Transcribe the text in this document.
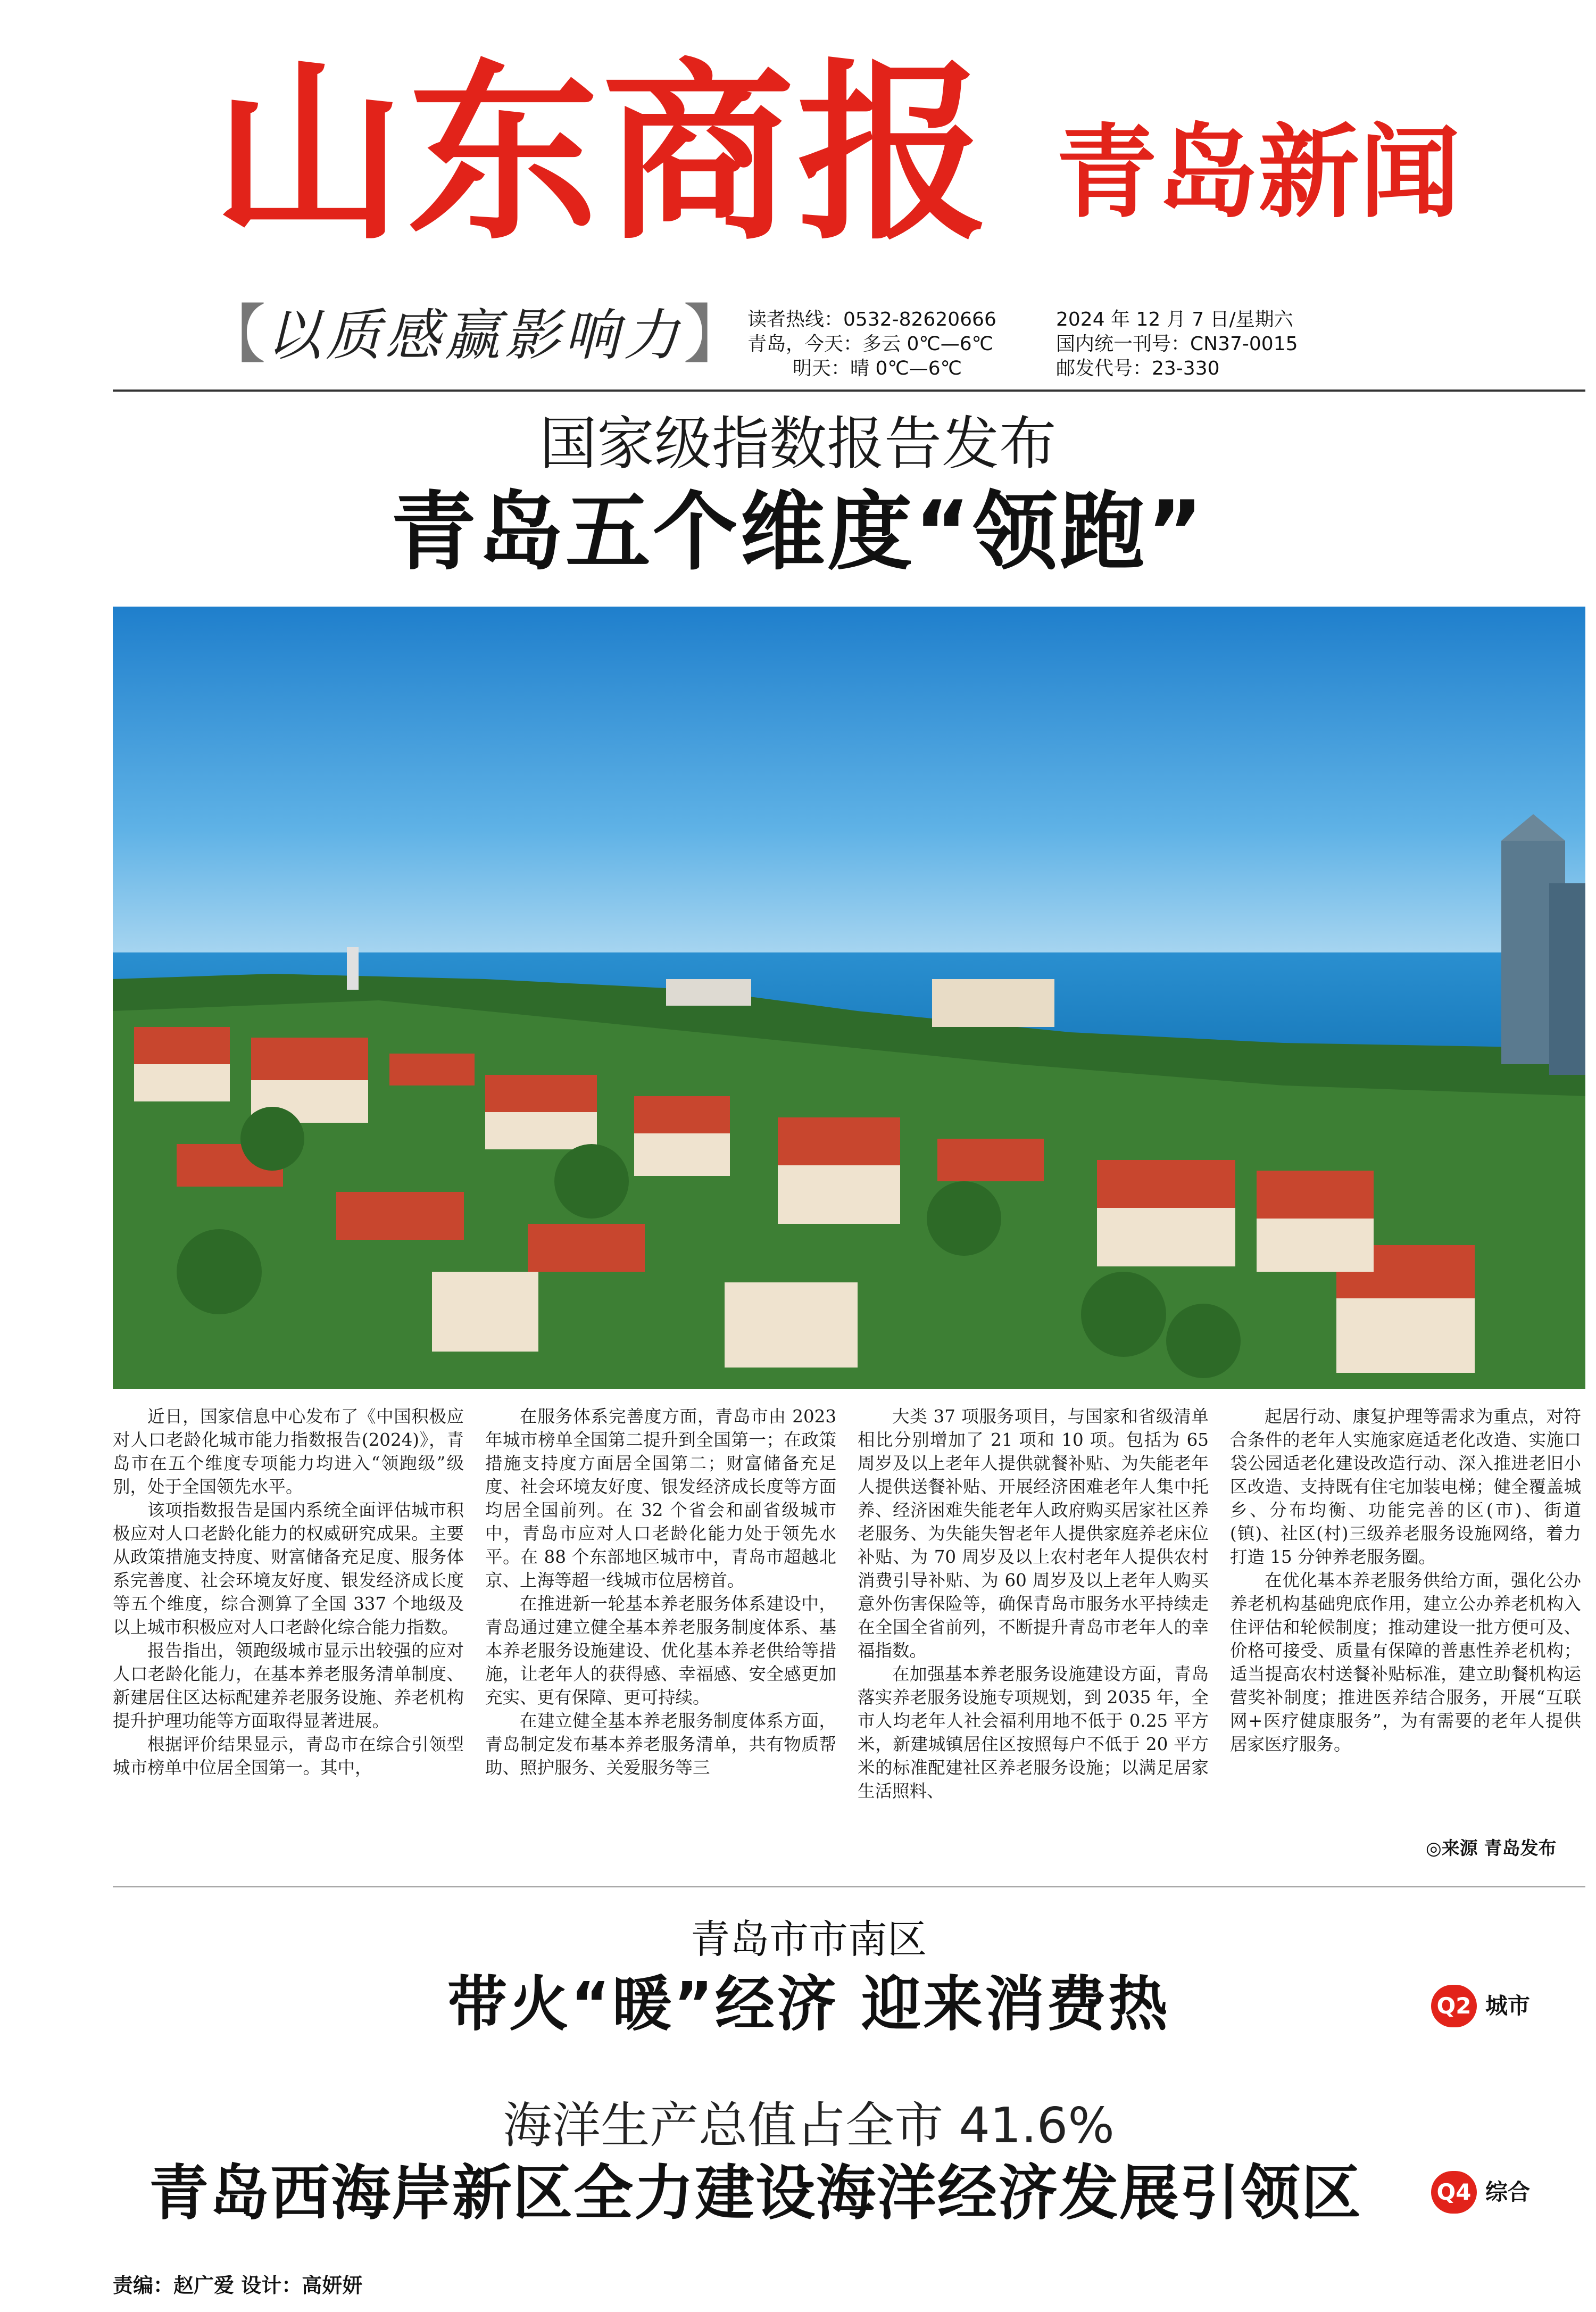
山东商报 青岛新闻
【 以质感赢影响力 】 读者热线：0532-82620666
青岛，今天：多云 0℃—6℃
明天：晴 0℃—6℃
2024 年 12 月 7 日/星期六
国内统一刊号：CN37-0015
邮发代号：23-330
国家级指数报告发布
青岛五个维度“领跑”

近日，国家信息中心发布了《中国积极应对人口老龄化城市能力指数报告(2024)》，青岛市在五个维度专项能力均进入“领跑级”级别，处于全国领先水平。

该项指数报告是国内系统全面评估城市积极应对人口老龄化能力的权威研究成果。主要从政策措施支持度、财富储备充足度、服务体系完善度、社会环境友好度、银发经济成长度等五个维度，综合测算了全国 337 个地级及以上城市积极应对人口老龄化综合能力指数。

报告指出，领跑级城市显示出较强的应对人口老龄化能力，在基本养老服务清单制度、新建居住区达标配建养老服务设施、养老机构提升护理功能等方面取得显著进展。

根据评价结果显示，青岛市在综合引领型城市榜单中位居全国第一。其中，

在服务体系完善度方面，青岛市由 2023 年城市榜单全国第二提升到全国第一；在政策措施支持度方面居全国第二；财富储备充足度、社会环境友好度、银发经济成长度等方面均居全国前列。在 32 个省会和副省级城市中，青岛市应对人口老龄化能力处于领先水平。在 88 个东部地区城市中，青岛市超越北京、上海等超一线城市位居榜首。

在推进新一轮基本养老服务体系建设中，青岛通过建立健全基本养老服务制度体系、基本养老服务设施建设、优化基本养老供给等措施，让老年人的获得感、幸福感、安全感更加充实、更有保障、更可持续。

在建立健全基本养老服务制度体系方面，青岛制定发布基本养老服务清单，共有物质帮助、照护服务、关爱服务等三

大类 37 项服务项目，与国家和省级清单相比分别增加了 21 项和 10 项。包括为 65 周岁及以上老年人提供就餐补贴、为失能老年人提供送餐补贴、开展经济困难老年人集中托养、经济困难失能老年人政府购买居家社区养老服务、为失能失智老年人提供家庭养老床位补贴、为 70 周岁及以上农村老年人提供农村消费引导补贴、为 60 周岁及以上老年人购买意外伤害保险等，确保青岛市服务水平持续走在全国全省前列，不断提升青岛市老年人的幸福指数。

在加强基本养老服务设施建设方面，青岛落实养老服务设施专项规划，到 2035 年，全市人均老年人社会福利用地不低于 0.25 平方米，新建城镇居住区按照每户不低于 20 平方米的标准配建社区养老服务设施；以满足居家生活照料、

起居行动、康复护理等需求为重点，对符合条件的老年人实施家庭适老化改造、实施口袋公园适老化建设改造行动、深入推进老旧小区改造、支持既有住宅加装电梯；健全覆盖城乡、分布均衡、功能完善的区(市)、街道(镇)、社区(村)三级养老服务设施网络，着力打造 15 分钟养老服务圈。

在优化基本养老服务供给方面，强化公办养老机构基础兜底作用，建立公办养老机构入住评估和轮候制度；推动建设一批方便可及、价格可接受、质量有保障的普惠性养老机构；适当提高农村送餐补贴标准，建立助餐机构运营奖补制度；推进医养结合服务，开展“互联网+医疗健康服务”，为有需要的老年人提供居家医疗服务。

◎来源 青岛发布
青岛市市南区
带火“暖”经济 迎来消费热	Q2 城市
海洋生产总值占全市 41.6%
青岛西海岸新区全力建设海洋经济发展引领区	Q4 综合
责编：赵广爱 设计：高妍妍
